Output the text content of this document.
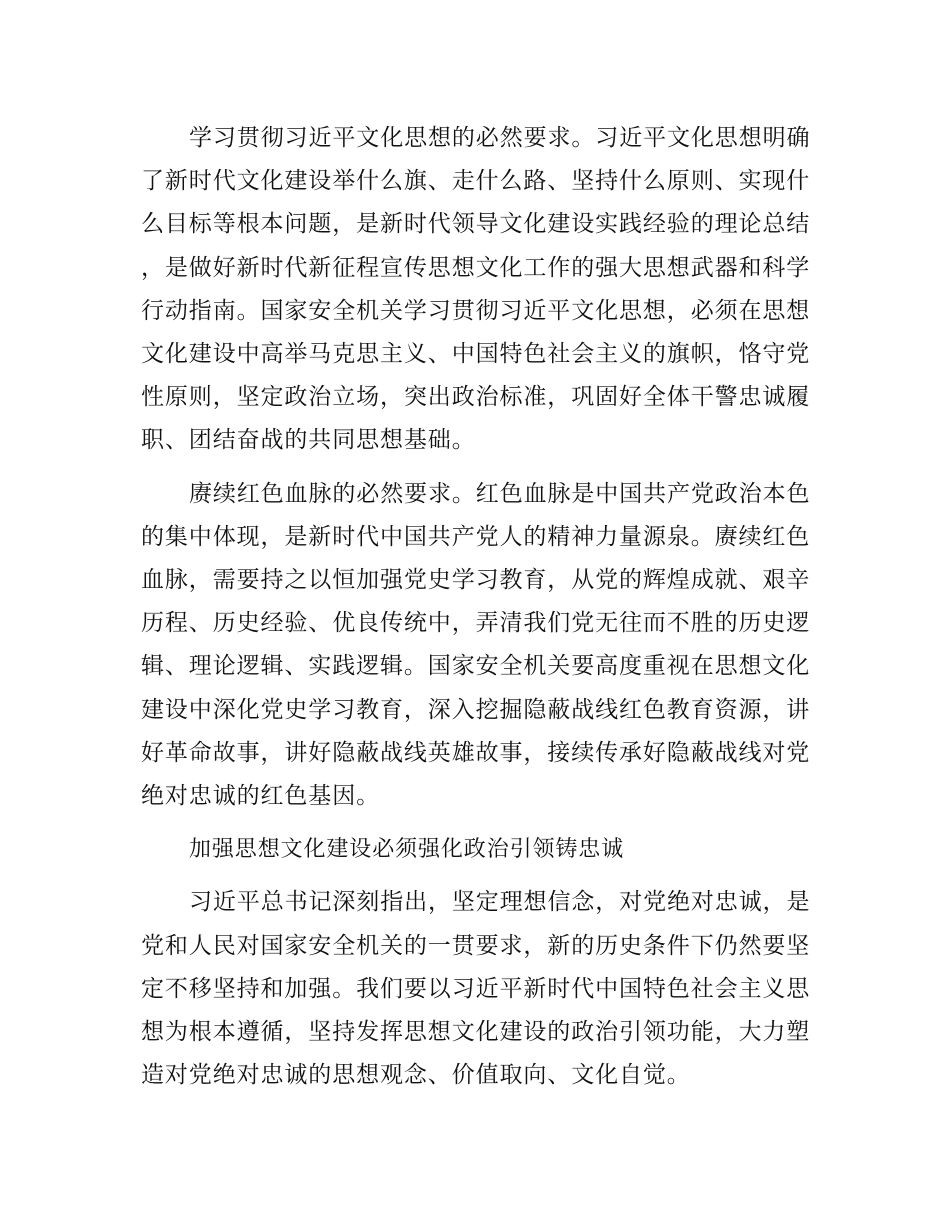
学习贯彻习近平文化思想的必然要求。习近平文化思想明确了新时代文化建设举什么旗、走什么路、坚持什么原则、实现什么目标等根本问题，是新时代领导文化建设实践经验的理论总结，是做好新时代新征程宣传思想文化工作的强大思想武器和科学行动指南。国家安全机关学习贯彻习近平文化思想，必须在思想文化建设中高举马克思主义、中国特色社会主义的旗帜，恪守党性原则，坚定政治立场，突出政治标准，巩固好全体干警忠诚履职、团结奋战的共同思想基础。

赓续红色血脉的必然要求。红色血脉是中国共产党政治本色的集中体现，是新时代中国共产党人的精神力量源泉。赓续红色血脉，需要持之以恒加强党史学习教育，从党的辉煌成就、艰辛历程、历史经验、优良传统中，弄清我们党无往而不胜的历史逻辑、理论逻辑、实践逻辑。国家安全机关要高度重视在思想文化建设中深化党史学习教育，深入挖掘隐蔽战线红色教育资源，讲好革命故事，讲好隐蔽战线英雄故事，接续传承好隐蔽战线对党绝对忠诚的红色基因。

加强思想文化建设必须强化政治引领铸忠诚

习近平总书记深刻指出，坚定理想信念，对党绝对忠诚，是党和人民对国家安全机关的一贯要求，新的历史条件下仍然要坚定不移坚持和加强。我们要以习近平新时代中国特色社会主义思想为根本遵循，坚持发挥思想文化建设的政治引领功能，大力塑造对党绝对忠诚的思想观念、价值取向、文化自觉。
